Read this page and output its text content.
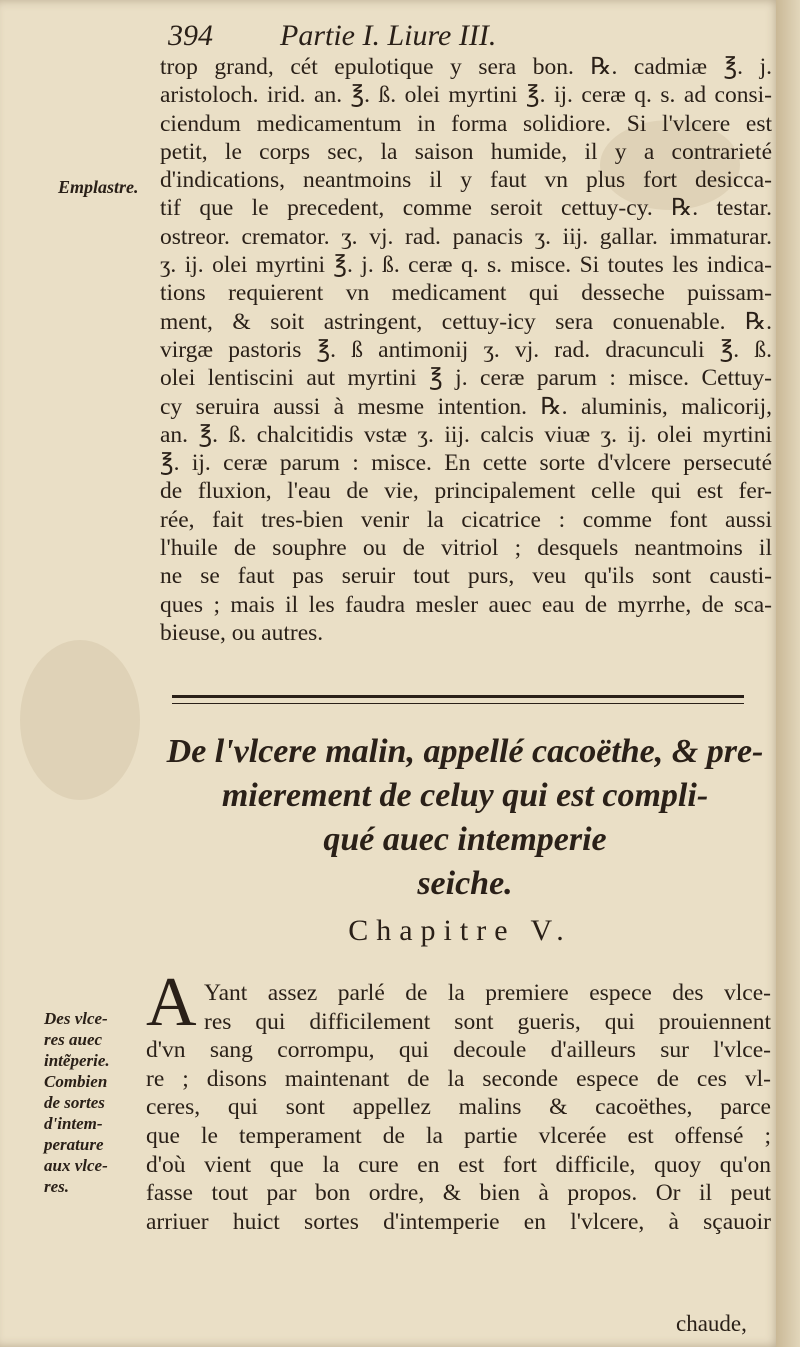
394 Partie I. Liure III.
Emplastre.
trop grand, cét epulotique y sera bon. ℞. cadmiæ ℥. j.
aristoloch. irid. an. ℥. ß. olei myrtini ℥. ij. ceræ q. s. ad consi-
ciendum medicamentum in forma solidiore. Si l'vlcere est
petit, le corps sec, la saison humide, il y a contrarieté
d'indications, neantmoins il y faut vn plus fort desicca-
tif que le precedent, comme seroit cettuy-cy. ℞. testar.
ostreor. cremator. ʒ. vj. rad. panacis ʒ. iij. gallar. immaturar.
ʒ. ij. olei myrtini ℥. j. ß. ceræ q. s. misce. Si toutes les indica-
tions requierent vn medicament qui desseche puissam-
ment, & soit astringent, cettuy-icy sera conuenable. ℞.
virgæ pastoris ℥. ß antimonij ʒ. vj. rad. dracunculi ℥. ß.
olei lentiscini aut myrtini ℥ j. ceræ parum : misce. Cettuy-
cy seruira aussi à mesme intention. ℞. aluminis, malicorij,
an. ℥. ß. chalcitidis vstæ ʒ. iij. calcis viuæ ʒ. ij. olei myrtini
℥. ij. ceræ parum : misce. En cette sorte d'vlcere persecuté
de fluxion, l'eau de vie, principalement celle qui est fer-
rée, fait tres-bien venir la cicatrice : comme font aussi
l'huile de souphre ou de vitriol ; desquels neantmoins il
ne se faut pas seruir tout purs, veu qu'ils sont causti-
ques ; mais il les faudra mesler auec eau de myrrhe, de sca-
bieuse, ou autres.
De l'vlcere malin, appellé cacoëthe, & pre-
mierement de celuy qui est compli-
qué auec intemperie
seiche.
Chapitre V.
Des vlce-
res auec
intẽperie.
Combien
de sortes
d'intem-
perature
aux vlce-
res.
A Yant assez parlé de la premiere espece des vlce-
res qui difficilement sont gueris, qui prouiennent
d'vn sang corrompu, qui decoule d'ailleurs sur l'vlce-
re ; disons maintenant de la seconde espece de ces vl-
ceres, qui sont appellez malins & cacoëthes, parce
que le temperament de la partie vlcerée est offensé ;
d'où vient que la cure en est fort difficile, quoy qu'on
fasse tout par bon ordre, & bien à propos. Or il peut
arriuer huict sortes d'intemperie en l'vlcere, à sçauoir
chaude,
